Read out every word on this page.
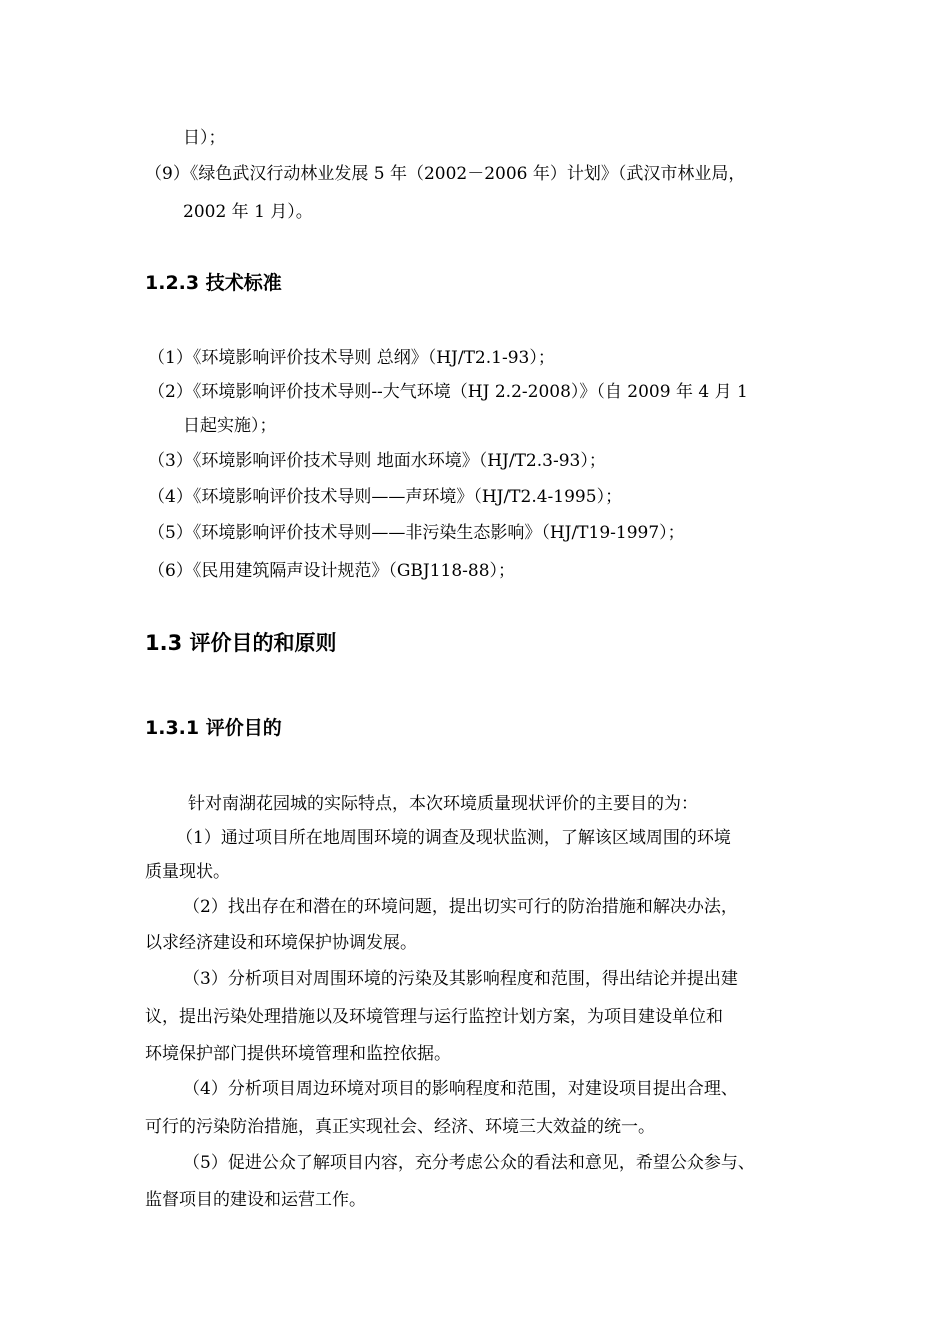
日）；
（9）《绿色武汉行动林业发展 5 年（2002－2006 年）计划》（武汉市林业局，
2002 年 1 月）。
1.2.3 技术标准
（1）《环境影响评价技术导则 总纲》（HJ/T2.1-93）；
（2）《环境影响评价技术导则--大气环境（HJ 2.2-2008）》（自 2009 年 4 月 1
日起实施）；
（3）《环境影响评价技术导则 地面水环境》（HJ/T2.3-93）；
（4）《环境影响评价技术导则——声环境》（HJ/T2.4-1995）；
（5）《环境影响评价技术导则——非污染生态影响》（HJ/T19-1997）；
（6）《民用建筑隔声设计规范》（GBJ118-88）；
1.3 评价目的和原则
1.3.1 评价目的
针对南湖花园城的实际特点，本次环境质量现状评价的主要目的为：
（1）通过项目所在地周围环境的调查及现状监测，了解该区域周围的环境
质量现状。
（2）找出存在和潜在的环境问题，提出切实可行的防治措施和解决办法，
以求经济建设和环境保护协调发展。
（3）分析项目对周围环境的污染及其影响程度和范围，得出结论并提出建
议，提出污染处理措施以及环境管理与运行监控计划方案，为项目建设单位和
环境保护部门提供环境管理和监控依据。
（4）分析项目周边环境对项目的影响程度和范围，对建设项目提出合理、
可行的污染防治措施，真正实现社会、经济、环境三大效益的统一。
（5）促进公众了解项目内容，充分考虑公众的看法和意见，希望公众参与、
监督项目的建设和运营工作。
